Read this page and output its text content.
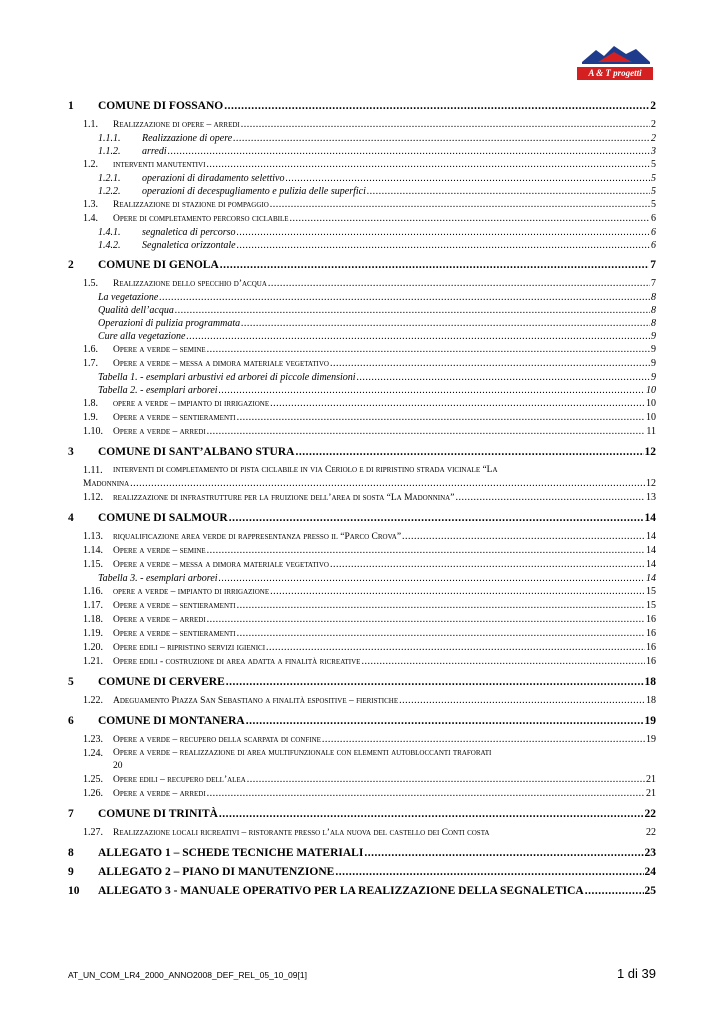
A & T progetti
1	COMUNE DI FOSSANO .....	2
1.1.	Realizzazione di opere – arredi .....	2
1.1.1.	Realizzazione di opere .....	2
1.1.2.	arredi .....	3
1.2.	interventi manutentivi .....	5
1.2.1.	operazioni di diradamento selettivo .....	5
1.2.2.	operazioni di decespugliamento e pulizia delle superfici .....	5
1.3.	Realizzazione di stazione di pompaggio .....	5
1.4.	Opere di completamento percorso ciclabile .....	6
1.4.1.	segnaletica di percorso .....	6
1.4.2.	Segnaletica orizzontale .....	6
2	COMUNE DI GENOLA .....	7
1.5.	Realizzazione dello specchio d’acqua .....	7
La vegetazione .....	8
Qualità dell’acqua .....	8
Operazioni di pulizia programmata .....	8
Cure alla vegetazione .....	9
1.6.	Opere a verde – semine .....	9
1.7.	Opere a verde – messa a dimora materiale vegetativo .....	9
Tabella 1. - esemplari arbustivi ed arborei di piccole dimensioni .....	9
Tabella 2. - esemplari arborei .....	10
1.8.	opere a verde – impianto di irrigazione .....	10
1.9.	Opere a verde – sentieramenti .....	10
1.10.	Opere a verde – arredi .....	11
3	COMUNE DI SANT’ALBANO STURA .....	12
1.11.	interventi di completamento di pista ciclabile in via Ceriolo e di ripristino strada vicinale “La
Madonnina .....	12
1.12.	realizzazione di infrastrutture per la fruizione dell’area di sosta “La Madonnina” .....	13
4	COMUNE DI SALMOUR .....	14
1.13.	riqualificazione area verde di rappresentanza presso il “Parco Crova” .....	14
1.14.	Opere a verde – semine .....	14
1.15.	Opere a verde – messa a dimora materiale vegetativo .....	14
Tabella 3. - esemplari arborei .....	14
1.16.	opere a verde – impianto di irrigazione .....	15
1.17.	Opere a verde – sentieramenti .....	15
1.18.	Opere a verde – arredi .....	16
1.19.	Opere a verde – sentieramenti .....	16
1.20.	Opere edili – ripristino servizi igienici .....	16
1.21.	Opere edili - costruzione di area adatta a finalità ricreative .....	16
5	COMUNE DI CERVERE .....	18
1.22.	Adeguamento Piazza San Sebastiano a finalità espositive – fieristiche .....	18
6	COMUNE DI MONTANERA .....	19
1.23.	Opere a verde – recupero della scarpata di confine .....	19
1.24.	Opere a verde – realizzazione di area multifunzionale con elementi autobloccanti traforati
20
1.25.	Opere edili – recupero dell’alea .....	21
1.26.	Opere a verde – arredi .....	21
7	COMUNE DI TRINITÀ .....	22
1.27.	Realizzazione locali ricreativi – ristorante presso l’ala nuova del castello dei Conti costa	22
8	ALLEGATO 1 – SCHEDE TECNICHE MATERIALI .....	23
9	ALLEGATO 2 – PIANO DI MANUTENZIONE .....	24
10	ALLEGATO 3 - MANUALE OPERATIVO PER LA REALIZZAZIONE DELLA SEGNALETICA .....	25
AT_UN_COM_LR4_2000_ANNO2008_DEF_REL_05_10_09[1]	1 di 39
